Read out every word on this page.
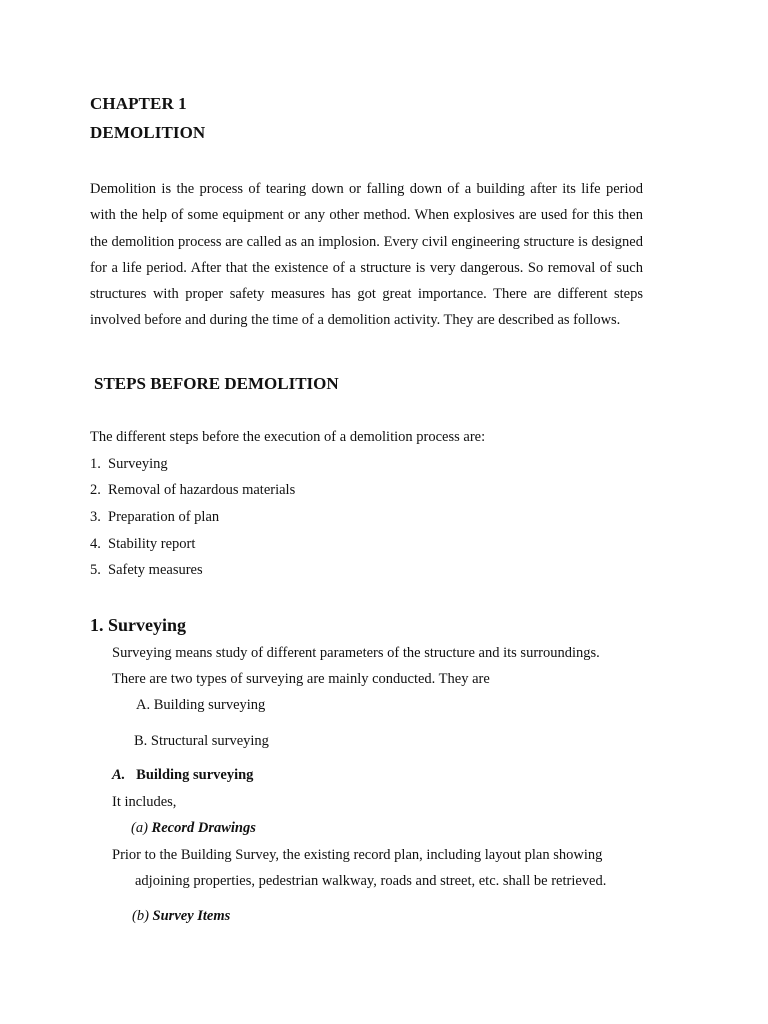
CHAPTER 1
DEMOLITION
Demolition is the process of tearing down or falling down of a building after its life period with the help of some equipment or any other method. When explosives are used for this then the demolition process are called as an implosion. Every civil engineering structure is designed for a life period. After that the existence of a structure is very dangerous. So removal of such structures with proper safety measures has got great importance. There are different steps involved before and during the time of a demolition activity. They are described as follows.
STEPS BEFORE DEMOLITION
The different steps before the execution of a demolition process are:
1. Surveying
2. Removal of hazardous materials
3. Preparation of plan
4. Stability report
5. Safety measures
1. Surveying
Surveying means study of different parameters of the structure and its surroundings.
There are two types of surveying are mainly conducted. They are
A. Building surveying
B. Structural surveying
A. Building surveying
It includes,
(a) Record Drawings
Prior to the Building Survey, the existing record plan, including layout plan showing
adjoining properties, pedestrian walkway, roads and street, etc. shall be retrieved.
(b) Survey Items
